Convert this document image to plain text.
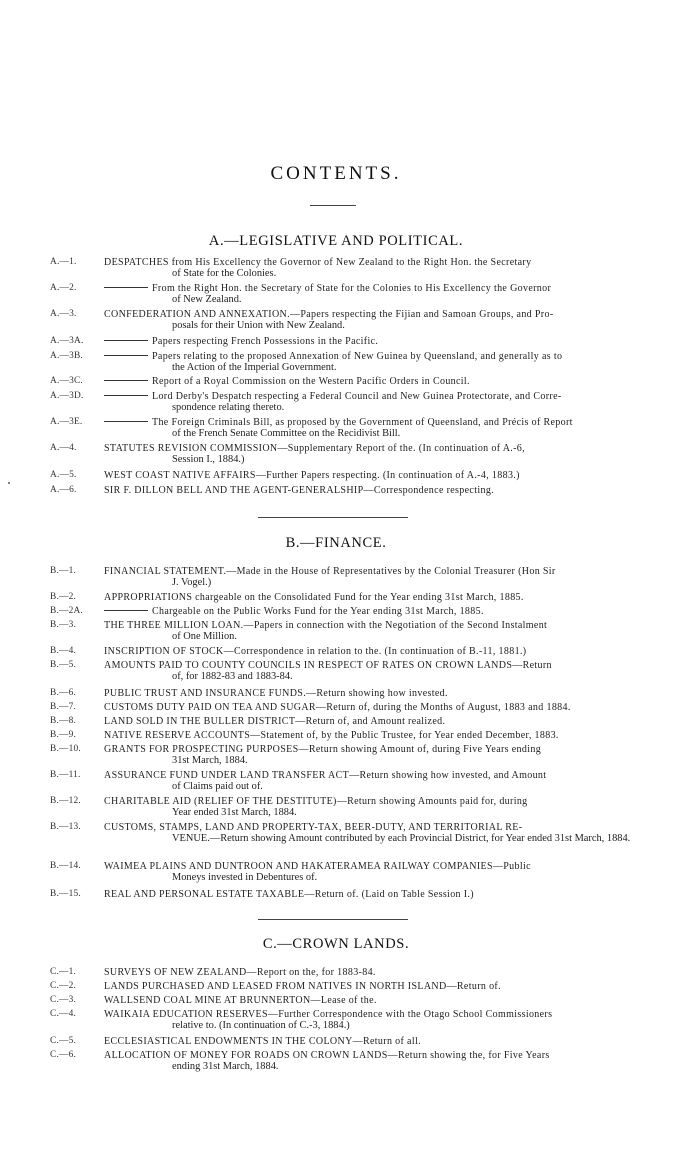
CONTENTS.
A.—LEGISLATIVE AND POLITICAL.
B.—FINANCE.
C.—CROWN LANDS.
A.—1.	DESPATCHES from His Excellency the Governor of New Zealand to the Right Hon. the Secretary
of State for the Colonies.
A.—2.	From the Right Hon. the Secretary of State for the Colonies to His Excellency the Governor
of New Zealand.
A.—3.	CONFEDERATION AND ANNEXATION.—Papers respecting the Fijian and Samoan Groups, and Pro-
posals for their Union with New Zealand.
A.—3A.	Papers respecting French Possessions in the Pacific.
A.—3B.	Papers relating to the proposed Annexation of New Guinea by Queensland, and generally as to
the Action of the Imperial Government.
A.—3C.	Report of a Royal Commission on the Western Pacific Orders in Council.
A.—3D.	Lord Derby's Despatch respecting a Federal Council and New Guinea Protectorate, and Corre-
spondence relating thereto.
A.—3E.	The Foreign Criminals Bill, as proposed by the Government of Queensland, and Précis of Report
of the French Senate Committee on the Recidivist Bill.
A.—4.	STATUTES REVISION COMMISSION—Supplementary Report of the. (In continuation of A.-6,
Session I., 1884.)
A.—5.	WEST COAST NATIVE AFFAIRS—Further Papers respecting. (In continuation of A.-4, 1883.)
A.—6.	SIR F. DILLON BELL AND THE AGENT-GENERALSHIP—Correspondence respecting.
B.—1.	FINANCIAL STATEMENT.—Made in the House of Representatives by the Colonial Treasurer (Hon Sir
J. Vogel.)
B.—2.	APPROPRIATIONS chargeable on the Consolidated Fund for the Year ending 31st March, 1885.
B.—2A.	Chargeable on the Public Works Fund for the Year ending 31st March, 1885.
B.—3.	THE THREE MILLION LOAN.—Papers in connection with the Negotiation of the Second Instalment
of One Million.
B.—4.	INSCRIPTION OF STOCK—Correspondence in relation to the. (In continuation of B.-11, 1881.)
B.—5.	AMOUNTS PAID TO COUNTY COUNCILS IN RESPECT OF RATES ON CROWN LANDS—Return
of, for 1882-83 and 1883-84.
B.—6.	PUBLIC TRUST AND INSURANCE FUNDS.—Return showing how invested.
B.—7.	CUSTOMS DUTY PAID ON TEA AND SUGAR—Return of, during the Months of August, 1883 and 1884.
B.—8.	LAND SOLD IN THE BULLER DISTRICT—Return of, and Amount realized.
B.—9.	NATIVE RESERVE ACCOUNTS—Statement of, by the Public Trustee, for Year ended December, 1883.
B.—10.	GRANTS FOR PROSPECTING PURPOSES—Return showing Amount of, during Five Years ending
31st March, 1884.
B.—11.	ASSURANCE FUND UNDER LAND TRANSFER ACT—Return showing how invested, and Amount
of Claims paid out of.
B.—12.	CHARITABLE AID (RELIEF OF THE DESTITUTE)—Return showing Amounts paid for, during
Year ended 31st March, 1884.
B.—13.	CUSTOMS, STAMPS, LAND AND PROPERTY-TAX, BEER-DUTY, AND TERRITORIAL RE-
VENUE.—Return showing Amount contributed by each Provincial District, for Year ended 31st March, 1884.
B.—14.	WAIMEA PLAINS AND DUNTROON AND HAKATERAMEA RAILWAY COMPANIES—Public
Moneys invested in Debentures of.
B.—15.	REAL AND PERSONAL ESTATE TAXABLE—Return of. (Laid on Table Session I.)
C.—1.	SURVEYS OF NEW ZEALAND—Report on the, for 1883-84.
C.—2.	LANDS PURCHASED AND LEASED FROM NATIVES IN NORTH ISLAND—Return of.
C.—3.	WALLSEND COAL MINE AT BRUNNERTON—Lease of the.
C.—4.	WAIKAIA EDUCATION RESERVES—Further Correspondence with the Otago School Commissioners
relative to. (In continuation of C.-3, 1884.)
C.—5.	ECCLESIASTICAL ENDOWMENTS IN THE COLONY—Return of all.
C.—6.	ALLOCATION OF MONEY FOR ROADS ON CROWN LANDS—Return showing the, for Five Years
ending 31st March, 1884.
